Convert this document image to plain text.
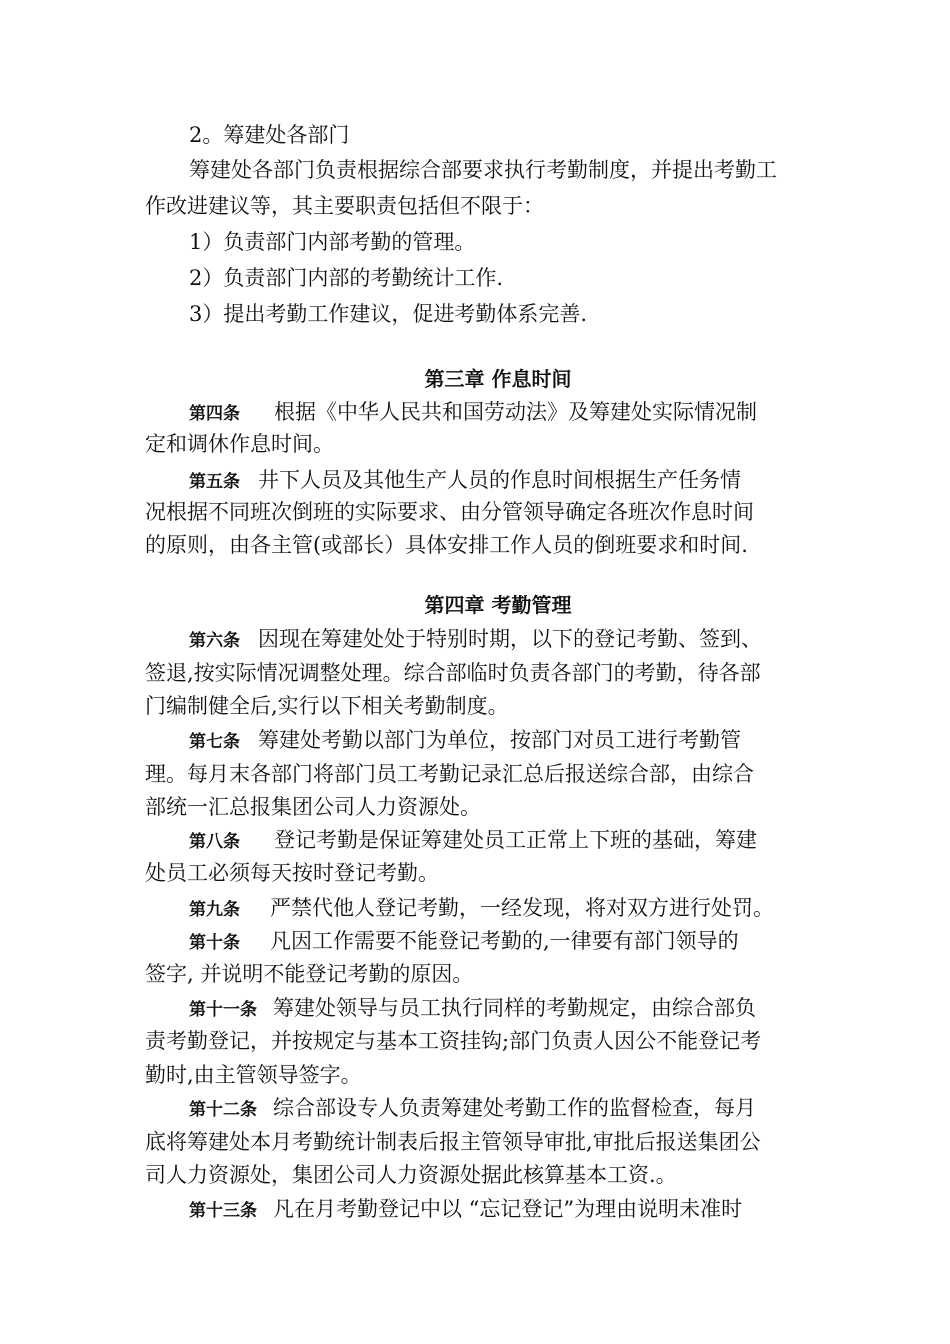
2。筹建处各部门
筹建处各部门负责根据综合部要求执行考勤制度，并提出考勤工
作改进建议等，其主要职责包括但不限于：
1）负责部门内部考勤的管理。
2）负责部门内部的考勤统计工作.
3）提出考勤工作建议，促进考勤体系完善.
第三章 作息时间
第四条 根据《中华人民共和国劳动法》及筹建处实际情况制
定和调休作息时间。
第五条 井下人员及其他生产人员的作息时间根据生产任务情
况根据不同班次倒班的实际要求、由分管领导确定各班次作息时间
的原则，由各主管(或部长）具体安排工作人员的倒班要求和时间.
第四章 考勤管理
第六条 因现在筹建处处于特别时期，以下的登记考勤、签到、
签退,按实际情况调整处理。综合部临时负责各部门的考勤，待各部
门编制健全后,实行以下相关考勤制度。
第七条 筹建处考勤以部门为单位，按部门对员工进行考勤管
理。每月末各部门将部门员工考勤记录汇总后报送综合部，由综合
部统一汇总报集团公司人力资源处。
第八条 登记考勤是保证筹建处员工正常上下班的基础，筹建
处员工必须每天按时登记考勤。
第九条 严禁代他人登记考勤，一经发现，将对双方进行处罚。
第十条 凡因工作需要不能登记考勤的,一律要有部门领导的
签字, 并说明不能登记考勤的原因。
第十一条 筹建处领导与员工执行同样的考勤规定，由综合部负
责考勤登记，并按规定与基本工资挂钩;部门负责人因公不能登记考
勤时,由主管领导签字。
第十二条 综合部设专人负责筹建处考勤工作的监督检查，每月
底将筹建处本月考勤统计制表后报主管领导审批,审批后报送集团公
司人力资源处，集团公司人力资源处据此核算基本工资.。
第十三条 凡在月考勤登记中以 “忘记登记”为理由说明未准时
